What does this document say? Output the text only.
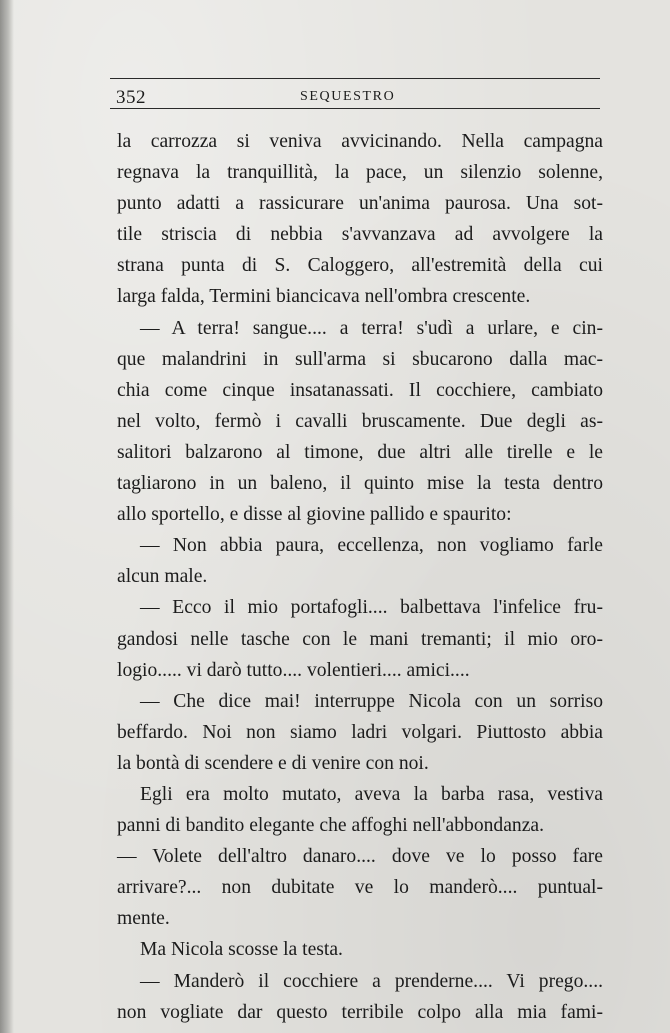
352	SEQUESTRO
la carrozza si veniva avvicinando. Nella campagna
regnava la tranquillità, la pace, un silenzio solenne,
punto adatti a rassicurare un'anima paurosa. Una sot-
tile striscia di nebbia s'avvanzava ad avvolgere la
strana punta di S. Caloggero, all'estremità della cui
larga falda, Termini biancicava nell'ombra crescente.
— A terra! sangue.... a terra! s'udì a urlare, e cin-
que malandrini in sull'arma si sbucarono dalla mac-
chia come cinque insatanassati. Il cocchiere, cambiato
nel volto, fermò i cavalli bruscamente. Due degli as-
salitori balzarono al timone, due altri alle tirelle e le
tagliarono in un baleno, il quinto mise la testa dentro
allo sportello, e disse al giovine pallido e spaurito:
— Non abbia paura, eccellenza, non vogliamo farle
alcun male.
— Ecco il mio portafogli.... balbettava l'infelice fru-
gandosi nelle tasche con le mani tremanti; il mio oro-
logio..... vi darò tutto.... volentieri.... amici....
— Che dice mai! interruppe Nicola con un sorriso
beffardo. Noi non siamo ladri volgari. Piuttosto abbia
la bontà di scendere e di venire con noi.
Egli era molto mutato, aveva la barba rasa, vestiva
panni di bandito elegante che affoghi nell'abbondanza.
— Volete dell'altro danaro.... dove ve lo posso fare
arrivare?... non dubitate ve lo manderò.... puntual-
mente.
Ma Nicola scosse la testa.
— Manderò il cocchiere a prenderne.... Vi prego....
non vogliate dar questo terribile colpo alla mia fami-
